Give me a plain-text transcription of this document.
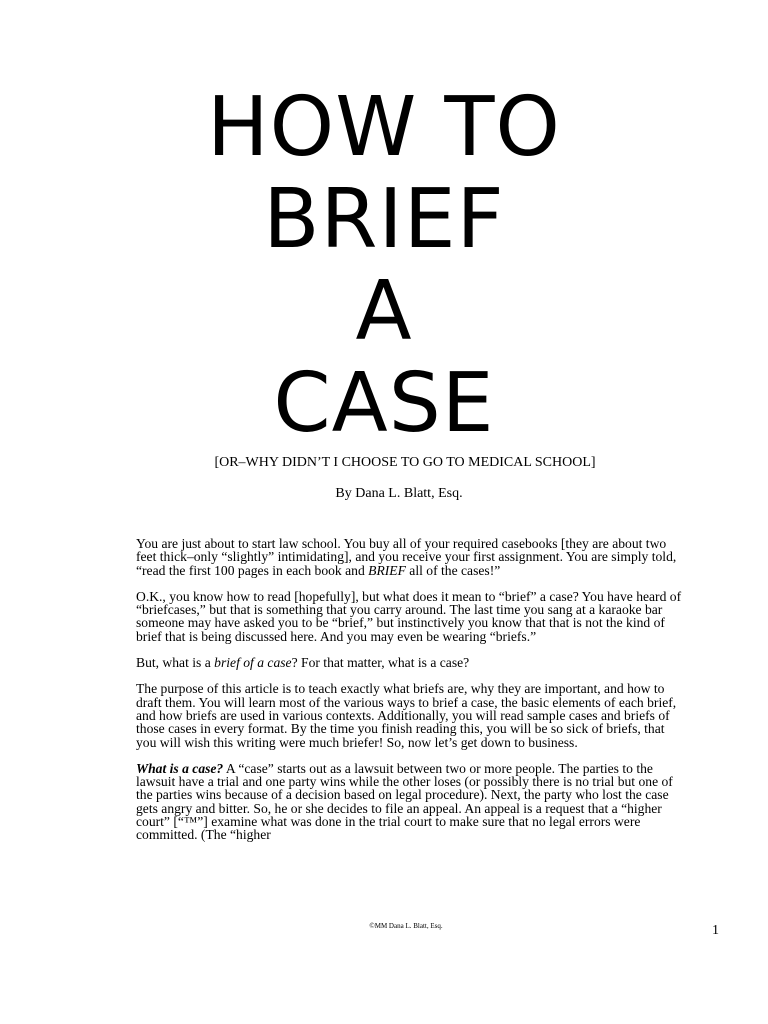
HOW TO
BRIEF
A
CASE
[OR–WHY DIDN’T I CHOOSE TO GO TO MEDICAL SCHOOL]
By Dana L. Blatt, Esq.

You are just about to start law school. You buy all of your required casebooks [they are about two feet thick–only “slightly” intimidating], and you receive your first assignment. You are simply told, “read the first 100 pages in each book and BRIEF all of the cases!”

O.K., you know how to read [hopefully], but what does it mean to “brief” a case? You have heard of “briefcases,” but that is something that you carry around. The last time you sang at a karaoke bar someone may have asked you to be “brief,” but instinctively you know that that is not the kind of brief that is being discussed here. And you may even be wearing “briefs.”

But, what is a brief of a case? For that matter, what is a case?

The purpose of this article is to teach exactly what briefs are, why they are important, and how to draft them. You will learn most of the various ways to brief a case, the basic elements of each brief, and how briefs are used in various contexts. Additionally, you will read sample cases and briefs of those cases in every format. By the time you finish reading this, you will be so sick of briefs, that you will wish this writing were much briefer! So, now let’s get down to business.

What is a case? A “case” starts out as a lawsuit between two or more people. The parties to the lawsuit have a trial and one party wins while the other loses (or possibly there is no trial but one of the parties wins because of a decision based on legal procedure). Next, the party who lost the case gets angry and bitter. So, he or she decides to file an appeal. An appeal is a request that a “higher court” [“™”] examine what was done in the trial court to make sure that no legal errors were committed. (The “higher

©MM Dana L. Blatt, Esq.	1
